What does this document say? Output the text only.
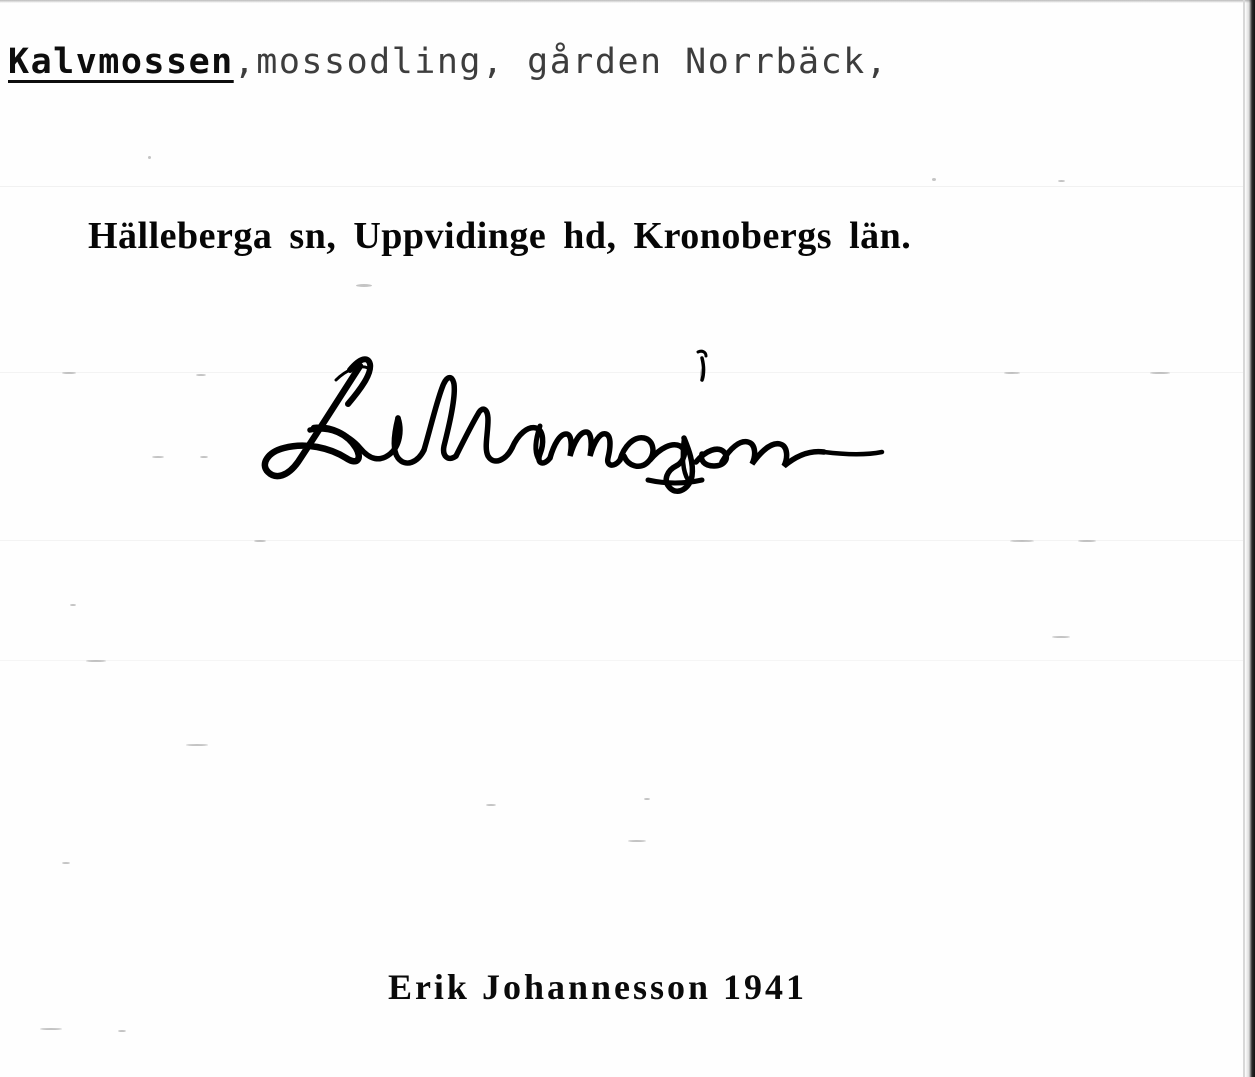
Kalvmossen,mossodling, gården Norrbäck,
Hälleberga sn, Uppvidinge hd, Kronobergs län.
Erik Johannesson 1941
